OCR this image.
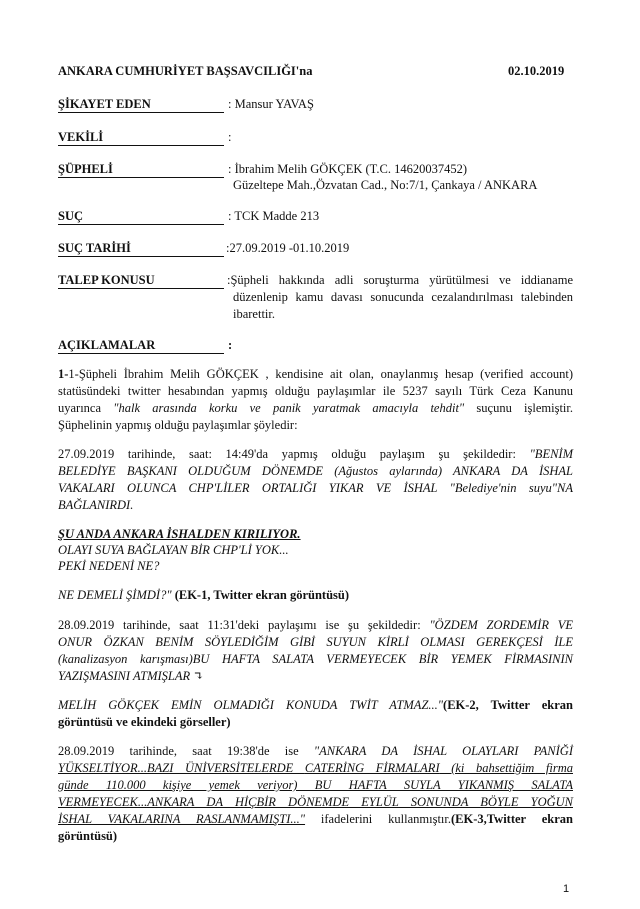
ANKARA CUMHURİYET BAŞSAVCILIĞI'na	02.10.2019
ŞİKAYET EDEN	: Mansur YAVAŞ
VEKİLİ	:
ŞÜPHELİ	: İbrahim Melih GÖKÇEK (T.C. 14620037452)
Güzeltepe Mah.,Özvatan Cad., No:7/1, Çankaya / ANKARA
SUÇ	: TCK Madde 213
SUÇ TARİHİ	:27.09.2019 -01.10.2019
TALEP KONUSU	:Şüpheli hakkında adli soruşturma yürütülmesi ve iddianame
düzenlenip kamu davası sonucunda cezalandırılması talebinden
ibarettir.
AÇIKLAMALAR	:
1-1-Şüpheli İbrahim Melih GÖKÇEK , kendisine ait olan, onaylanmış hesap (verified account)
statüsündeki twitter hesabından yapmış olduğu paylaşımlar ile 5237 sayılı Türk Ceza Kanunu
uyarınca "halk arasında korku ve panik yaratmak amacıyla tehdit" suçunu işlemiştir.
Şüphelinin yapmış olduğu paylaşımlar şöyledir:
27.09.2019 tarihinde, saat: 14:49'da yapmış olduğu paylaşım şu şekildedir: "BENİM
BELEDİYE BAŞKANI OLDUĞUM DÖNEMDE (Ağustos aylarında) ANKARA DA İSHAL
VAKALARI OLUNCA CHP'LİLER ORTALIĞI YIKAR VE İSHAL "Belediye'nin suyu"NA
BAĞLANIRDI.
ŞU ANDA ANKARA İSHALDEN KIRILIYOR.
OLAYI SUYA BAĞLAYAN BİR CHP'Lİ YOK...
PEKİ NEDENİ NE?
NE DEMELİ ŞİMDİ?" (EK-1, Twitter ekran görüntüsü)
28.09.2019 tarihinde, saat 11:31'deki paylaşımı ise şu şekildedir: "ÖZDEM ZORDEMİR VE
ONUR ÖZKAN BENİM SÖYLEDİĞİM GİBİ SUYUN KİRLİ OLMASI GEREKÇESİ İLE
(kanalizasyon karışması)BU HAFTA SALATA VERMEYECEK BİR YEMEK FİRMASININ
YAZIŞMASINI ATMIŞLAR ↴
MELİH GÖKÇEK EMİN OLMADIĞI KONUDA TWİT ATMAZ..."(EK-2, Twitter ekran
görüntüsü ve ekindeki görseller)
28.09.2019 tarihinde, saat 19:38'de ise "ANKARA DA İSHAL OLAYLARI PANİĞİ
YÜKSELTİYOR...BAZI ÜNİVERSİTELERDE CATERİNG FİRMALARI (ki bahsettiğim firma
günde 110.000 kişiye yemek veriyor) BU HAFTA SUYLA YIKANMIŞ SALATA
VERMEYECEK...ANKARA DA HİÇBİR DÖNEMDE EYLÜL SONUNDA BÖYLE YOĞUN
İSHAL VAKALARINA RASLANMAMIŞTI..." ifadelerini kullanmıştır.(EK-3,Twitter ekran
görüntüsü)
1
